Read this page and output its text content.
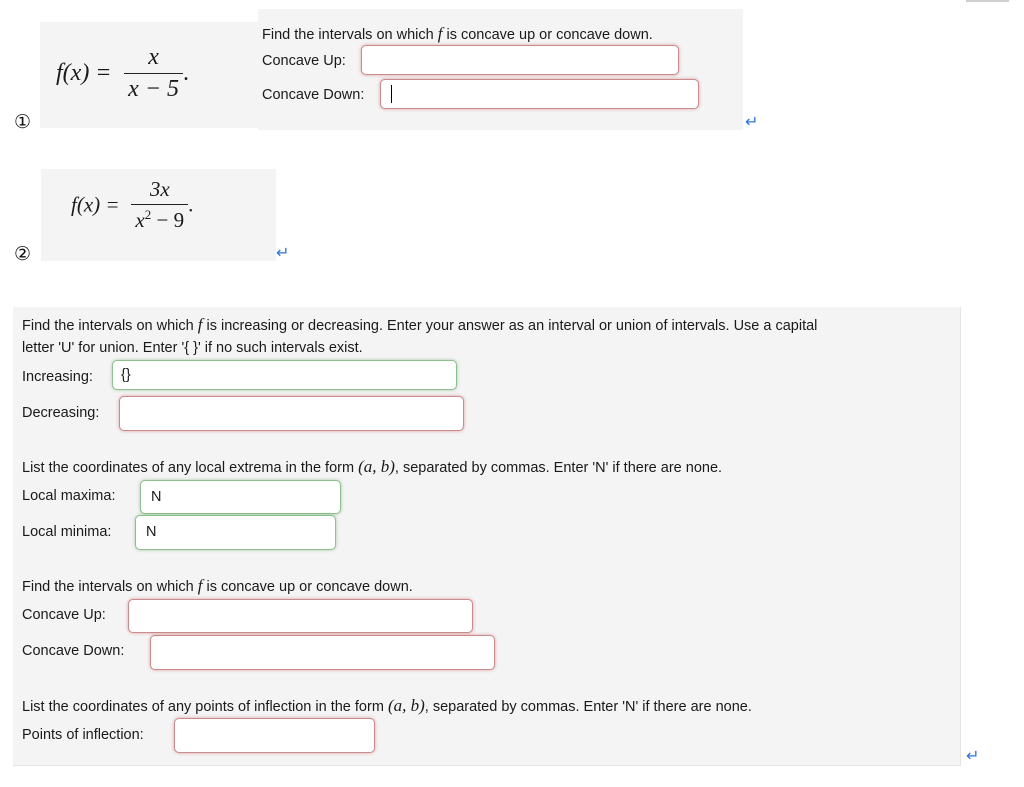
$f(x) = \frac{x}{x - 5}$ .
①
Find the intervals on which f is concave up or concave down.
Concave Up:
Concave Down:
↵
$f(x) = \frac{3x}{x^2 - 9}$ .
②	↵
Find the intervals on which f is increasing or decreasing. Enter your answer as an interval or union of intervals. Use a capital
letter 'U' for union. Enter '{ }' if no such intervals exist.
Increasing:	{}
Decreasing:
List the coordinates of any local extrema in the form (a, b), separated by commas. Enter 'N' if there are none.
Local maxima:	N
Local minima:	N
Find the intervals on which f is concave up or concave down.
Concave Up:
Concave Down:
List the coordinates of any points of inflection in the form (a, b), separated by commas. Enter 'N' if there are none.
Points of inflection:
↵
